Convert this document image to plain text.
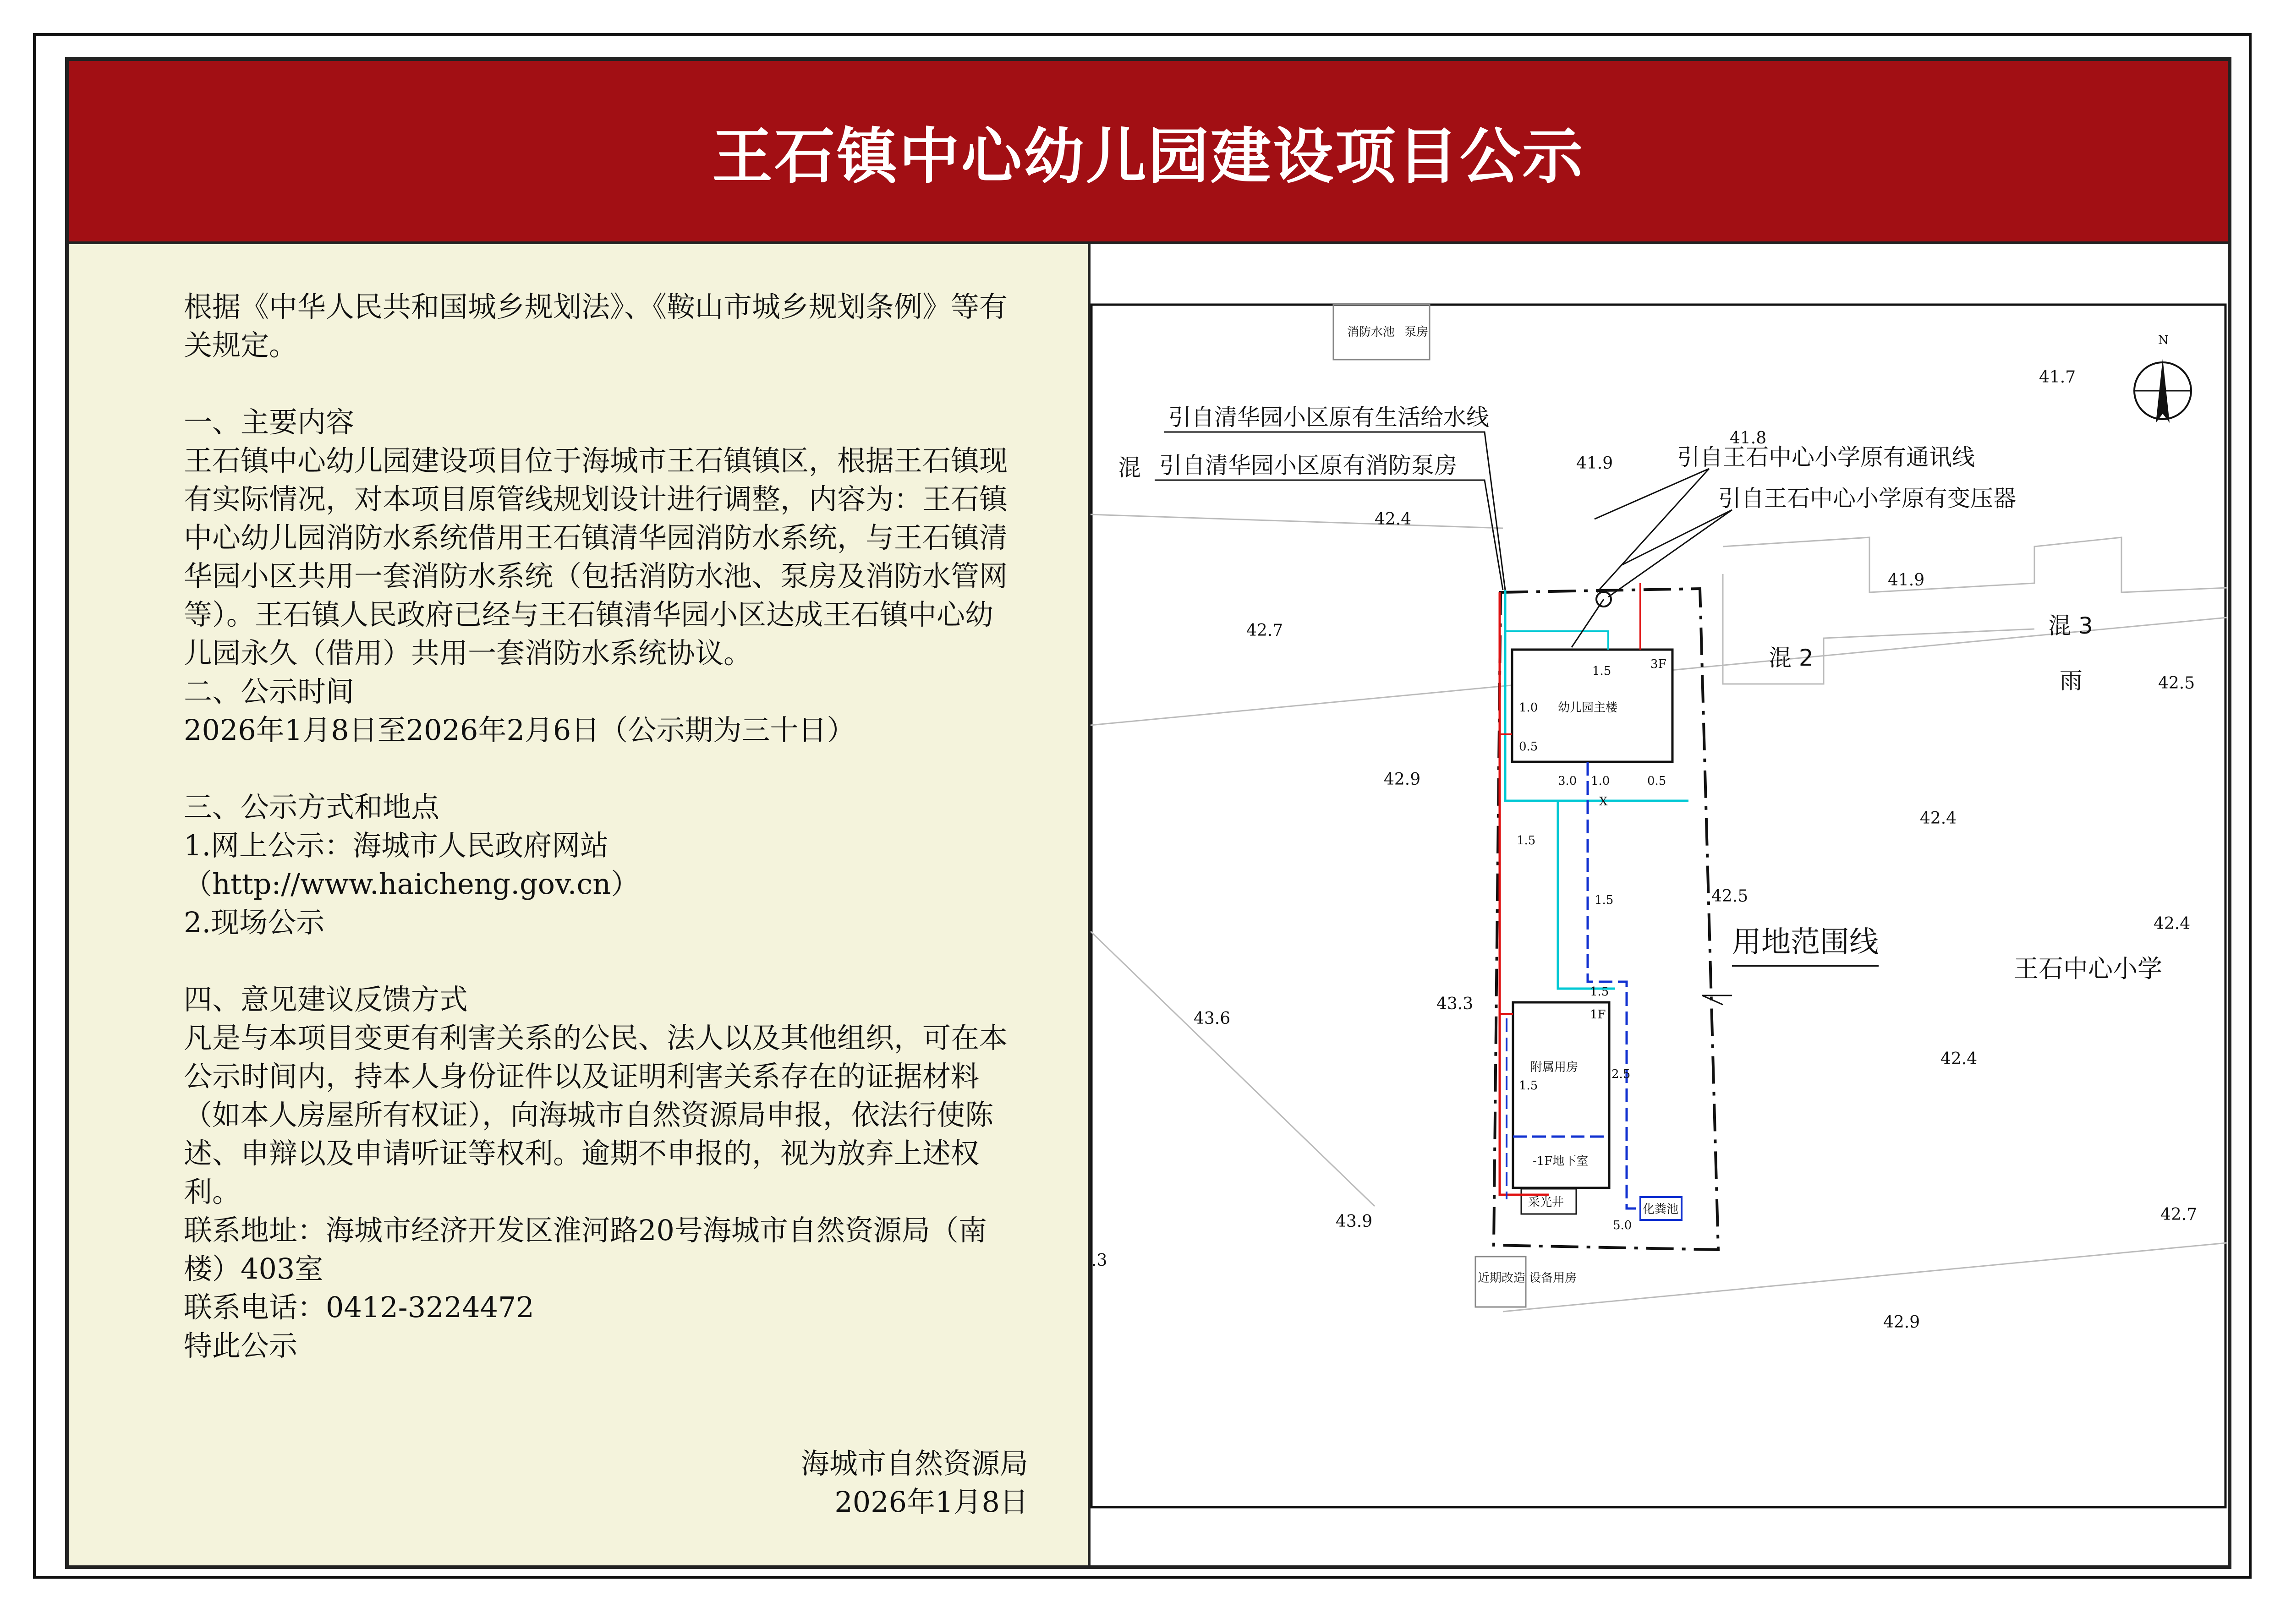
王石镇中心幼儿园建设项目公示

根据《中华人民共和国城乡规划法》、《鞍山市城乡规划条例》等有关规定。

一、主要内容

王石镇中心幼儿园建设项目位于海城市王石镇镇区，根据王石镇现有实际情况，对本项目原管线规划设计进行调整，内容为：王石镇中心幼儿园消防水系统借用王石镇清华园消防水系统，与王石镇清华园小区共用一套消防水系统（包括消防水池、泵房及消防水管网等）。王石镇人民政府已经与王石镇清华园小区达成王石镇中心幼儿园永久（借用）共用一套消防水系统协议。

二、公示时间

2026年1月8日至2026年2月6日（公示期为三十日）

三、公示方式和地点

1.网上公示：海城市人民政府网站

（http://www.haicheng.gov.cn）

2.现场公示

四、意见建议反馈方式

凡是与本项目变更有利害关系的公民、法人以及其他组织，可在本公示时间内，持本人身份证件以及证明利害关系存在的证据材料（如本人房屋所有权证），向海城市自然资源局申报，依法行使陈述、申辩以及申请听证等权利。逾期不申报的，视为放弃上述权利。

联系地址：海城市经济开发区淮河路20号海城市自然资源局（南楼）403室

联系电话：0412-3224472

特此公示

海城市自然资源局
2026年1月8日
消防水池 泵房
幼儿园主楼
3F
附属用房
1F
-1F地下室
采光井	化粪池
引自清华园小区原有生活给水线
引自清华园小区原有消防泵房	引自王石中心小学原有通讯线
引自王石中心小学原有变压器
用地范围线
王石中心小学
混
混 2
混 3
雨
N
41.7
41.8
41.9
42.4
41.9
42.7
42.5
42.9
42.4
42.5
42.4
43.6
43.3
42.4
43.9	42.7
42.9
.3
1.5
1.0
0.5
3.0 1.0	0.5
X
1.5
1.5
1.5
2.5
1.5
5.0
近期改造 设备用房
